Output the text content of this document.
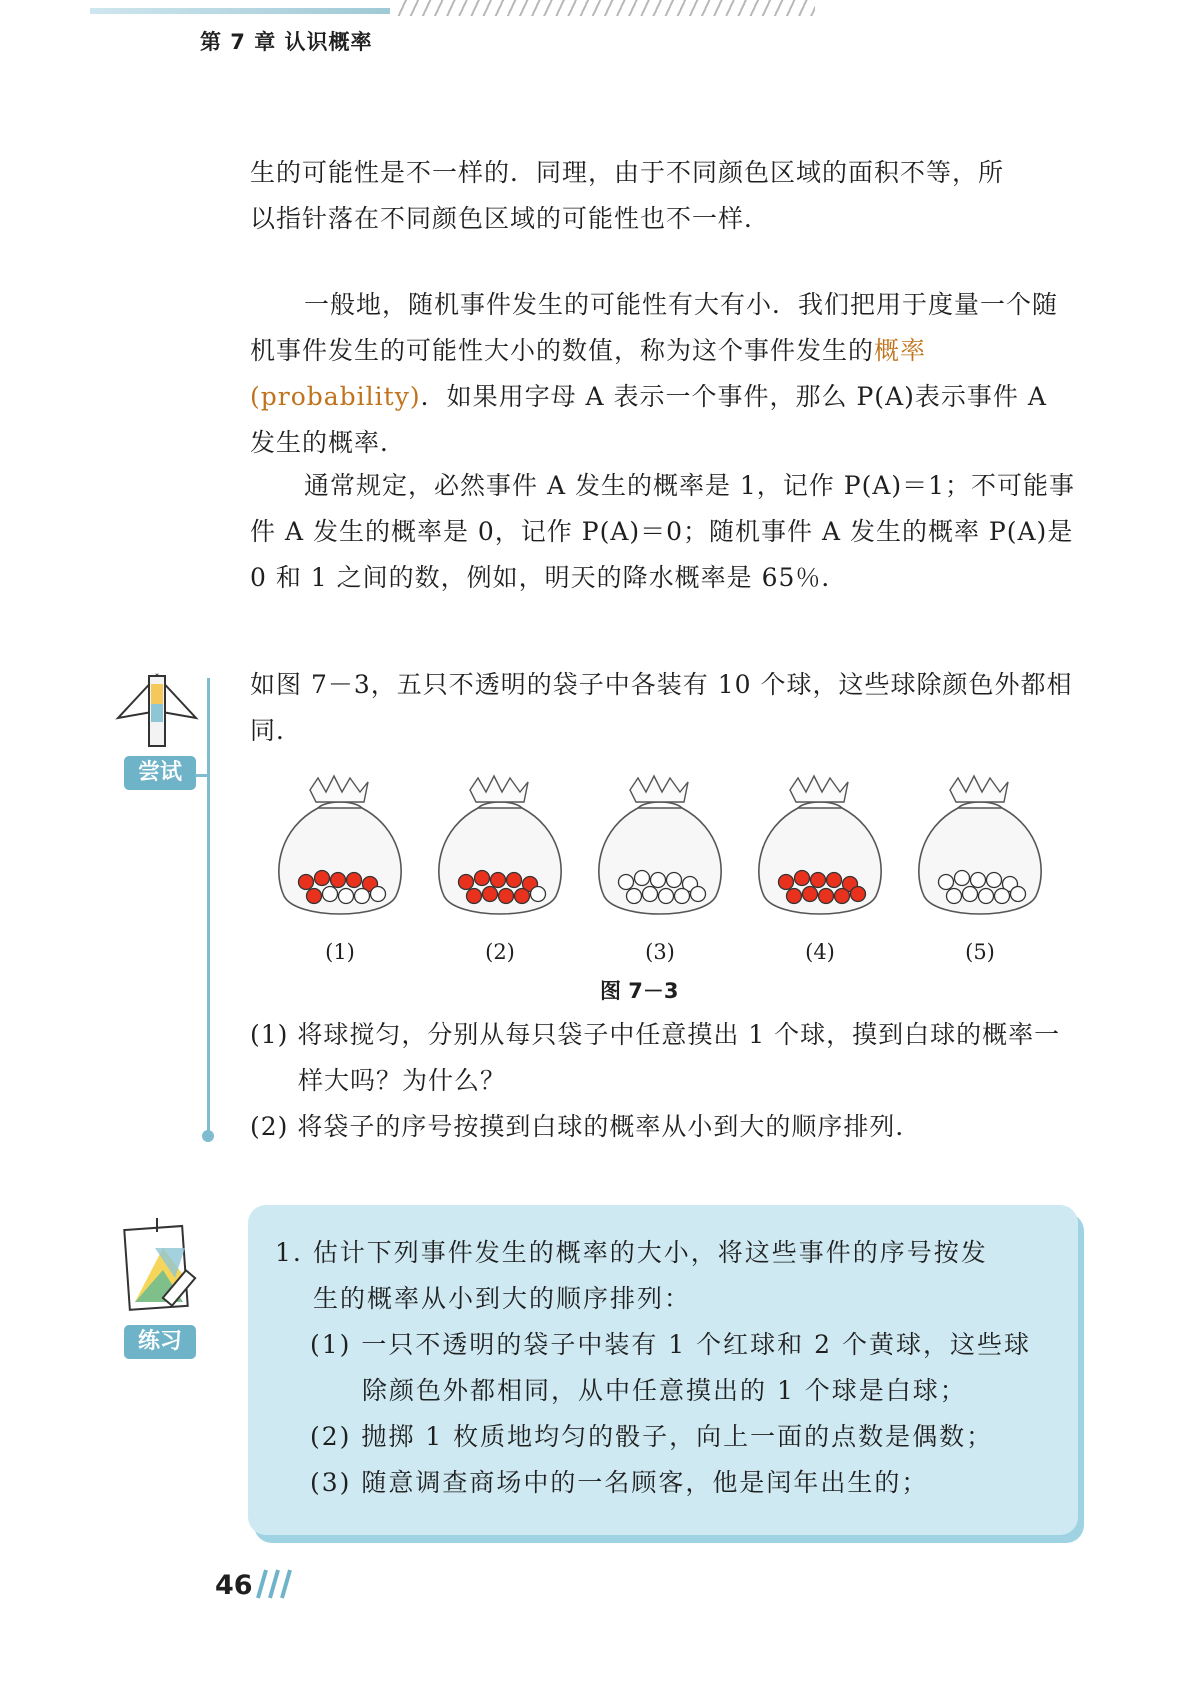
第 7 章 认识概率

生的可能性是不一样的．同理，由于不同颜色区域的面积不等，所
以指针落在不同颜色区域的可能性也不一样．

一般地，随机事件发生的可能性有大有小．我们把用于度量一个随机事件发生的可能性大小的数值，称为这个事件发生的概率(probability)．如果用字母 A 表示一个事件，那么 P(A)表示事件 A 发生的概率．

通常规定，必然事件 A 发生的概率是 1，记作 P(A)＝1；不可能事件 A 发生的概率是 0，记作 P(A)＝0；随机事件 A 发生的概率 P(A)是 0 和 1 之间的数，例如，明天的降水概率是 65％．

尝试

如图 7－3，五只不透明的袋子中各装有 10 个球，这些球除颜色外都相同．

(1)	(2)	(3)	(4)	(5)
图 7－3

(1) 将球搅匀，分别从每只袋子中任意摸出 1 个球，摸到白球的概率一样大吗？为什么？

(2) 将袋子的序号按摸到白球的概率从小到大的顺序排列．

练习

1. 估计下列事件发生的概率的大小，将这些事件的序号按发
生的概率从小到大的顺序排列：

(1) 一只不透明的袋子中装有 1 个红球和 2 个黄球，这些球
除颜色外都相同，从中任意摸出的 1 个球是白球；

(2) 抛掷 1 枚质地均匀的骰子，向上一面的点数是偶数；

(3) 随意调查商场中的一名顾客，他是闰年出生的；

46
